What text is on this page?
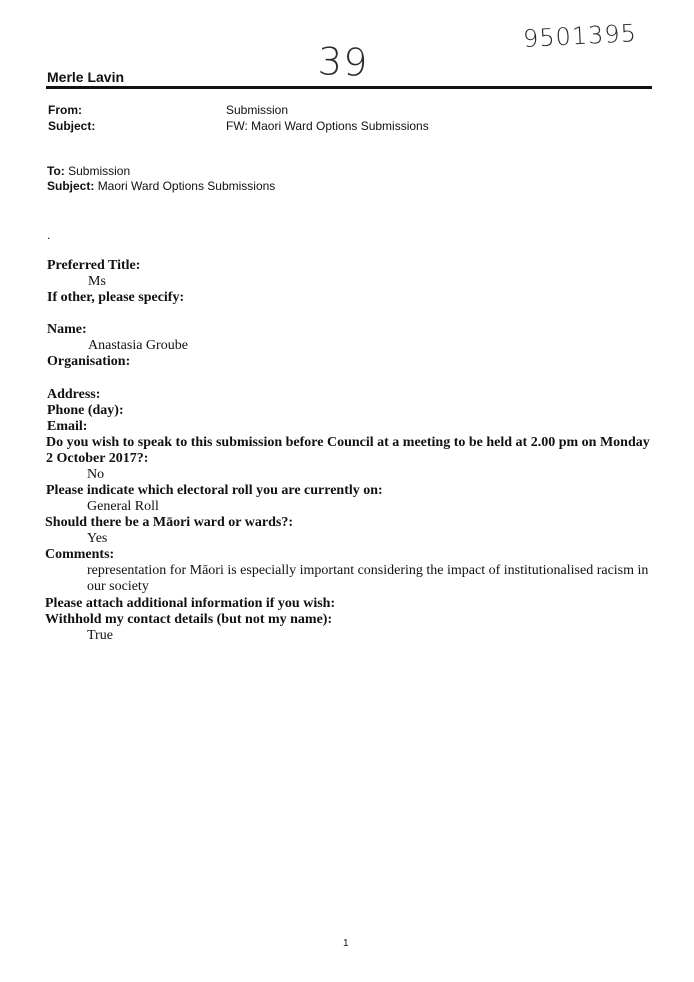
9501395
39
Merle Lavin
From:	Submission
Subject:	FW: Maori Ward Options Submissions
To: Submission
Subject: Maori Ward Options Submissions
.
Preferred Title:
Ms
If other, please specify:
Name:
Anastasia Groube
Organisation:
Address:
Phone (day):
Email:
Do you wish to speak to this submission before Council at a meeting to be held at 2.00 pm on Monday
2 October 2017?:
No
Please indicate which electoral roll you are currently on:
General Roll
Should there be a Māori ward or wards?:
Yes
Comments:
representation for Māori is especially important considering the impact of institutionalised racism in
our society
Please attach additional information if you wish:
Withhold my contact details (but not my name):
True
1
